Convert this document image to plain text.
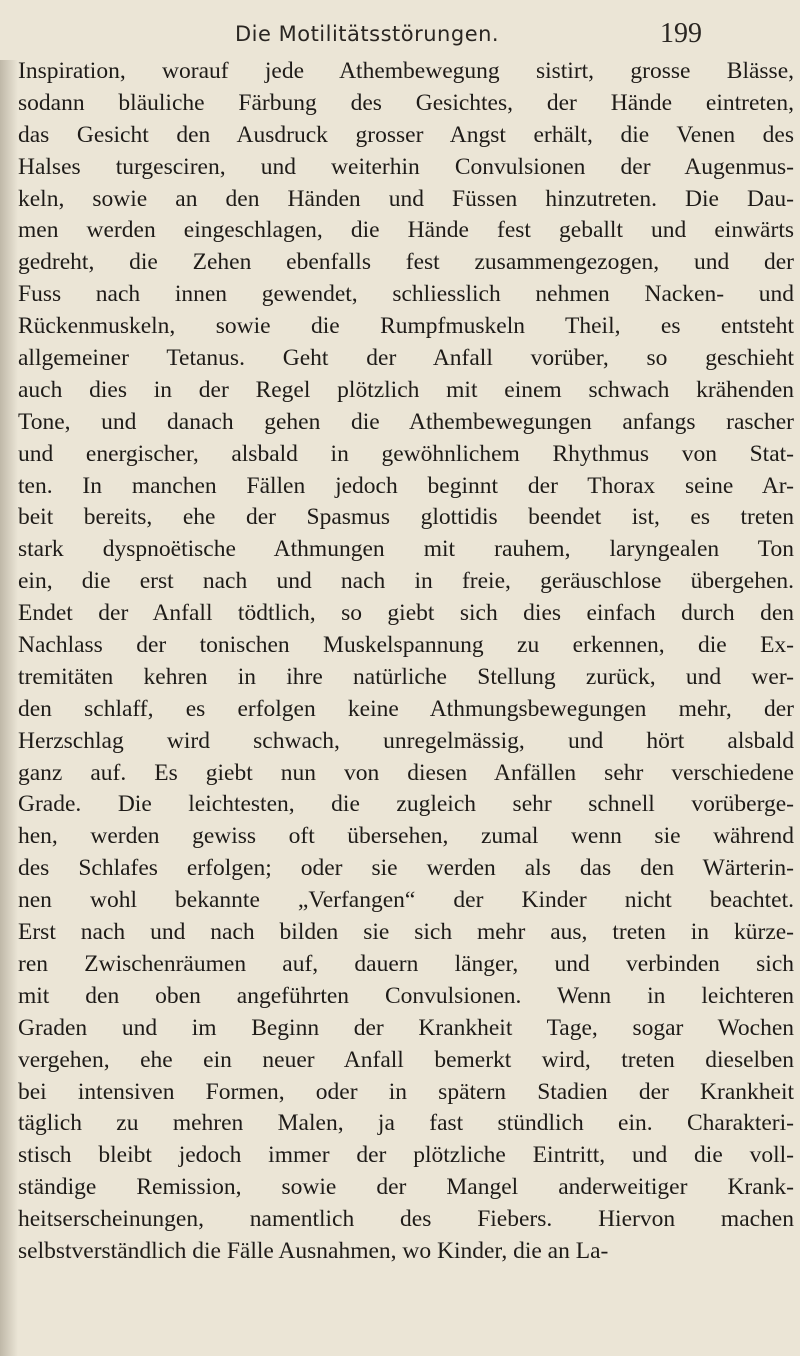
Die Motilitätsstörungen.	199
Inspiration, worauf jede Athembewegung sistirt, grosse Blässe,
sodann bläuliche Färbung des Gesichtes, der Hände eintreten,
das Gesicht den Ausdruck grosser Angst erhält, die Venen des
Halses turgesciren, und weiterhin Convulsionen der Augenmus-
keln, sowie an den Händen und Füssen hinzutreten. Die Dau-
men werden eingeschlagen, die Hände fest geballt und einwärts
gedreht, die Zehen ebenfalls fest zusammengezogen, und der
Fuss nach innen gewendet, schliesslich nehmen Nacken- und
Rückenmuskeln, sowie die Rumpfmuskeln Theil, es entsteht
allgemeiner Tetanus. Geht der Anfall vorüber, so geschieht
auch dies in der Regel plötzlich mit einem schwach krähenden
Tone, und danach gehen die Athembewegungen anfangs rascher
und energischer, alsbald in gewöhnlichem Rhythmus von Stat-
ten. In manchen Fällen jedoch beginnt der Thorax seine Ar-
beit bereits, ehe der Spasmus glottidis beendet ist, es treten
stark dyspnoëtische Athmungen mit rauhem, laryngealen Ton
ein, die erst nach und nach in freie, geräuschlose übergehen.
Endet der Anfall tödtlich, so giebt sich dies einfach durch den
Nachlass der tonischen Muskelspannung zu erkennen, die Ex-
tremitäten kehren in ihre natürliche Stellung zurück, und wer-
den schlaff, es erfolgen keine Athmungsbewegungen mehr, der
Herzschlag wird schwach, unregelmässig, und hört alsbald
ganz auf. Es giebt nun von diesen Anfällen sehr verschiedene
Grade. Die leichtesten, die zugleich sehr schnell vorüberge-
hen, werden gewiss oft übersehen, zumal wenn sie während
des Schlafes erfolgen; oder sie werden als das den Wärterin-
nen wohl bekannte „Verfangen“ der Kinder nicht beachtet.
Erst nach und nach bilden sie sich mehr aus, treten in kürze-
ren Zwischenräumen auf, dauern länger, und verbinden sich
mit den oben angeführten Convulsionen. Wenn in leichteren
Graden und im Beginn der Krankheit Tage, sogar Wochen
vergehen, ehe ein neuer Anfall bemerkt wird, treten dieselben
bei intensiven Formen, oder in spätern Stadien der Krankheit
täglich zu mehren Malen, ja fast stündlich ein. Charakteri-
stisch bleibt jedoch immer der plötzliche Eintritt, und die voll-
ständige Remission, sowie der Mangel anderweitiger Krank-
heitserscheinungen, namentlich des Fiebers. Hiervon machen
selbstverständlich die Fälle Ausnahmen, wo Kinder, die an La-
